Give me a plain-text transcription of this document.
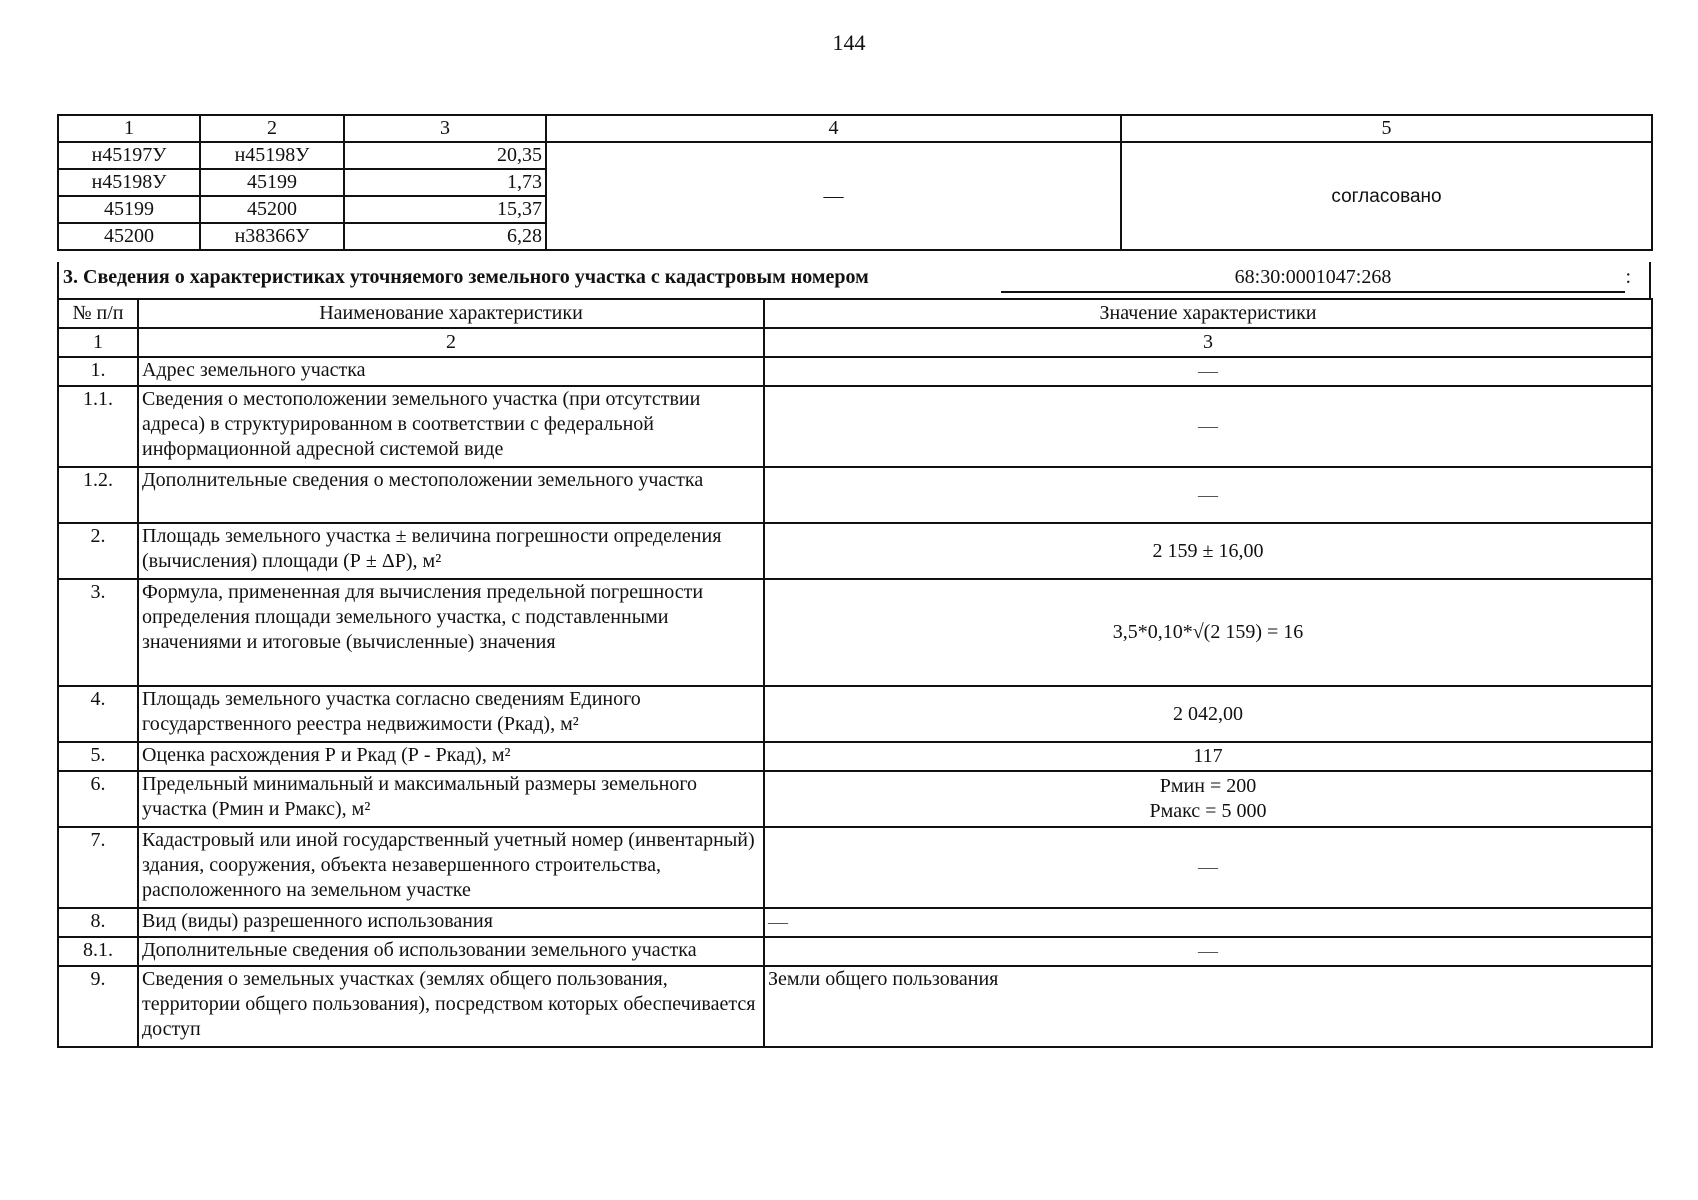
144
1	2	3	4	5
н45197У	н45198У	20,35	—	согласовано
н45198У	45199	1,73		
45199	45200	15,37		
45200	н38366У	6,28		
3. Сведения о характеристиках уточняемого земельного участка с кадастровым номером	68:30:0001047:268	:
№ п/п	Наименование характеристики	Значение характеристики
1	2	3
1.	Адрес земельного участка	—
1.1.	Сведения о местоположении земельного участка (при отсутствии адреса) в структурированном в соответствии с федеральной информационной адресной системой виде	—
1.2.	Дополнительные сведения о местоположении земельного участка	—
2.	Площадь земельного участка ± величина погрешности определения (вычисления) площади (Р ± ΔР), м²	2 159 ± 16,00
3.	Формула, примененная для вычисления предельной погрешности определения площади земельного участка, с подставленными значениями и итоговые (вычисленные) значения	3,5*0,10*√(2 159) = 16
4.	Площадь земельного участка согласно сведениям Единого государственного реестра недвижимости (Ркад), м²	2 042,00
5.	Оценка расхождения Р и Ркад (Р - Ркад), м²	117
6.	Предельный минимальный и максимальный размеры земельного участка (Рмин и Рмакс), м²	Рмин = 200
Рмакс = 5 000

7.	Кадастровый или иной государственный учетный номер (инвентарный) здания, сооружения, объекта незавершенного строительства, расположенного на земельном участке	—
8.	Вид (виды) разрешенного использования	—
8.1.	Дополнительные сведения об использовании земельного участка	—
9.	Сведения о земельных участках (землях общего пользования, территории общего пользования), посредством которых обеспечивается доступ	Земли общего пользования
